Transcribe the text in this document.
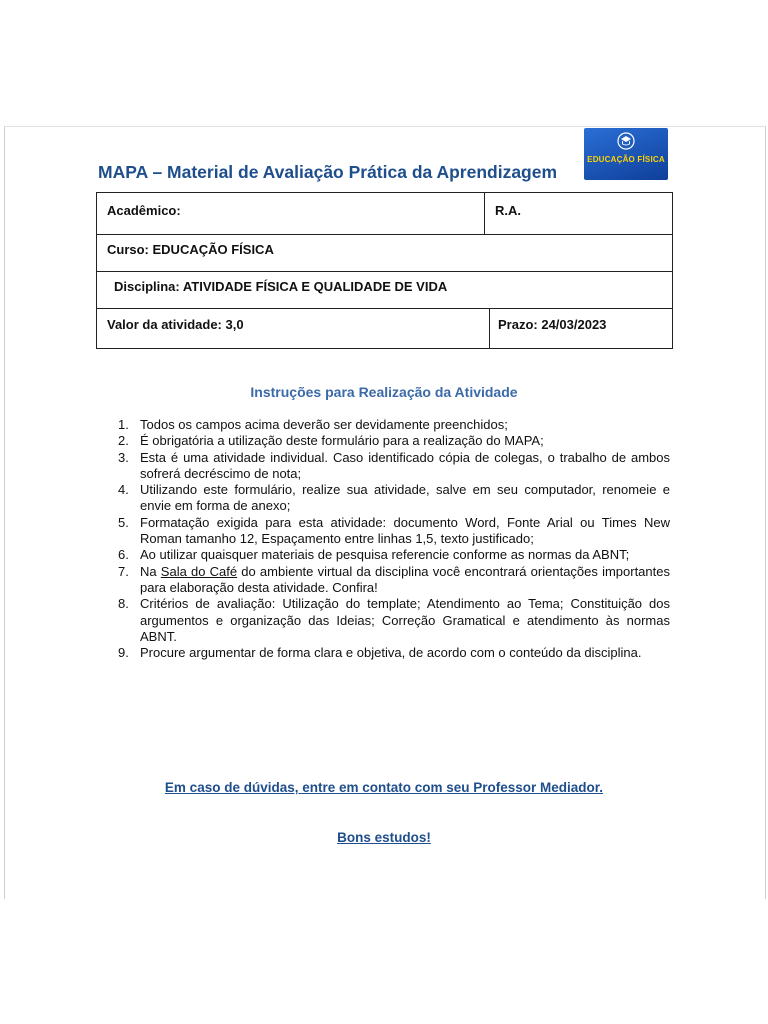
EDUCAÇÃO FÍSICA
MAPA – Material de Avaliação Prática da Aprendizagem
Acadêmico:	R.A.
Curso: EDUCAÇÃO FÍSICA
Disciplina: ATIVIDADE FÍSICA E QUALIDADE DE VIDA
Valor da atividade: 3,0	Prazo: 24/03/2023
Instruções para Realização da Atividade
1. Todos os campos acima deverão ser devidamente preenchidos;
2. É obrigatória a utilização deste formulário para a realização do MAPA;
3. Esta é uma atividade individual. Caso identificado cópia de colegas, o trabalho de ambos sofrerá decréscimo de nota;
4. Utilizando este formulário, realize sua atividade, salve em seu computador, renomeie e envie em forma de anexo;
5. Formatação exigida para esta atividade: documento Word, Fonte Arial ou Times New Roman tamanho 12, Espaçamento entre linhas 1,5, texto justificado;
6. Ao utilizar quaisquer materiais de pesquisa referencie conforme as normas da ABNT;
7. Na Sala do Café do ambiente virtual da disciplina você encontrará orientações importantes para elaboração desta atividade. Confira!
8. Critérios de avaliação: Utilização do template; Atendimento ao Tema; Constituição dos argumentos e organização das Ideias; Correção Gramatical e atendimento às normas ABNT.
9. Procure argumentar de forma clara e objetiva, de acordo com o conteúdo da disciplina.
Em caso de dúvidas, entre em contato com seu Professor Mediador.
Bons estudos!
